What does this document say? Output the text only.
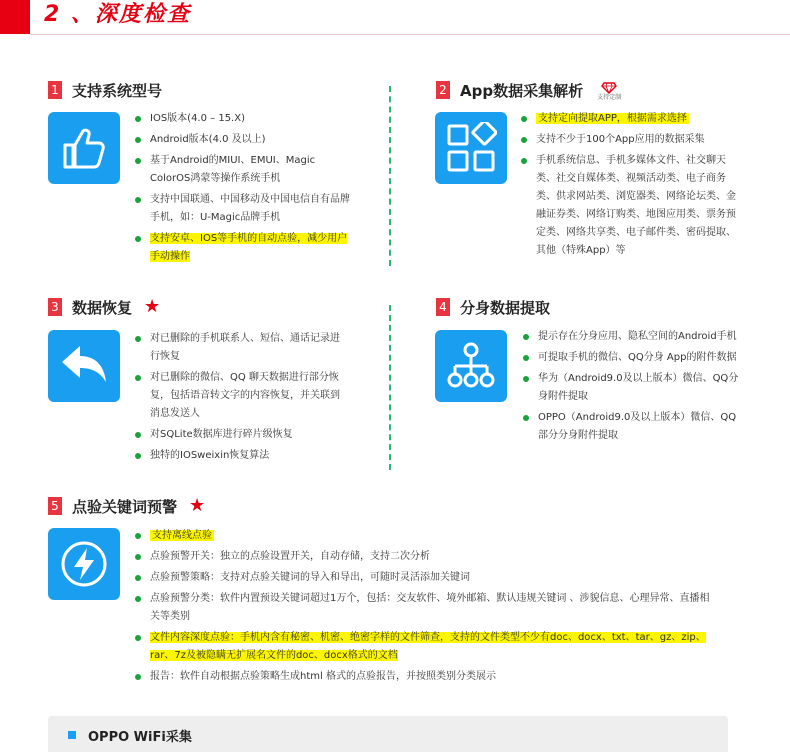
2 、深度检查
1 支持系统型号
IOS版本(4.0 – 15.X)
Android版本(4.0 及以上)
基于Android的MIUI、EMUI、Magic ColorOS鸿蒙等操作系统手机
支持中国联通、中国移动及中国电信自有品牌手机，如：U-Magic品牌手机
支持安卓、IOS等手机的自动点验，减少用户手动操作
2 App数据采集解析 支持定制
支持定向提取APP，根据需求选择
支持不少于100个App应用的数据采集
手机系统信息、手机多媒体文件、社交聊天类、社交自媒体类、视频活动类、电子商务类、供求网站类、浏览器类、网络论坛类、金融证券类、网络订购类、地图应用类、票务预定类、网络共享类、电子邮件类、密码提取、其他（特殊App）等
3 数据恢复 ★
对已删除的手机联系人、短信、通话记录进行恢复
对已删除的微信、QQ 聊天数据进行部分恢复，包括语音转文字的内容恢复，并关联到消息发送人
对SQLite数据库进行碎片级恢复
独特的IOSweixin恢复算法
4 分身数据提取
提示存在分身应用、隐私空间的Android手机
可提取手机的微信、QQ分身 App的附件数据
华为（Android9.0及以上版本）微信、QQ分身附件提取
OPPO（Android9.0及以上版本）微信、QQ 部分分身附件提取
5 点验关键词预警 ★
支持离线点验
点验预警开关：独立的点验设置开关，自动存储，支持二次分析
点验预警策略：支持对点验关键词的导入和导出，可随时灵活添加关键词
点验预警分类：软件内置预设关键词超过1万个，包括：交友软件、境外邮箱、默认违规关键词 、涉貌信息、心理异常、直播相关等类别
文件内容深度点验：手机内含有秘密、机密、绝密字样的文件筛查，支持的文件类型不少有doc、docx、txt、tar、gz、zip、rar、7z及被隐瞒无扩展名文件的doc、docx格式的文档
报告：软件自动根据点验策略生成html 格式的点验报告，并按照类别分类展示
OPPO WiFi采集
